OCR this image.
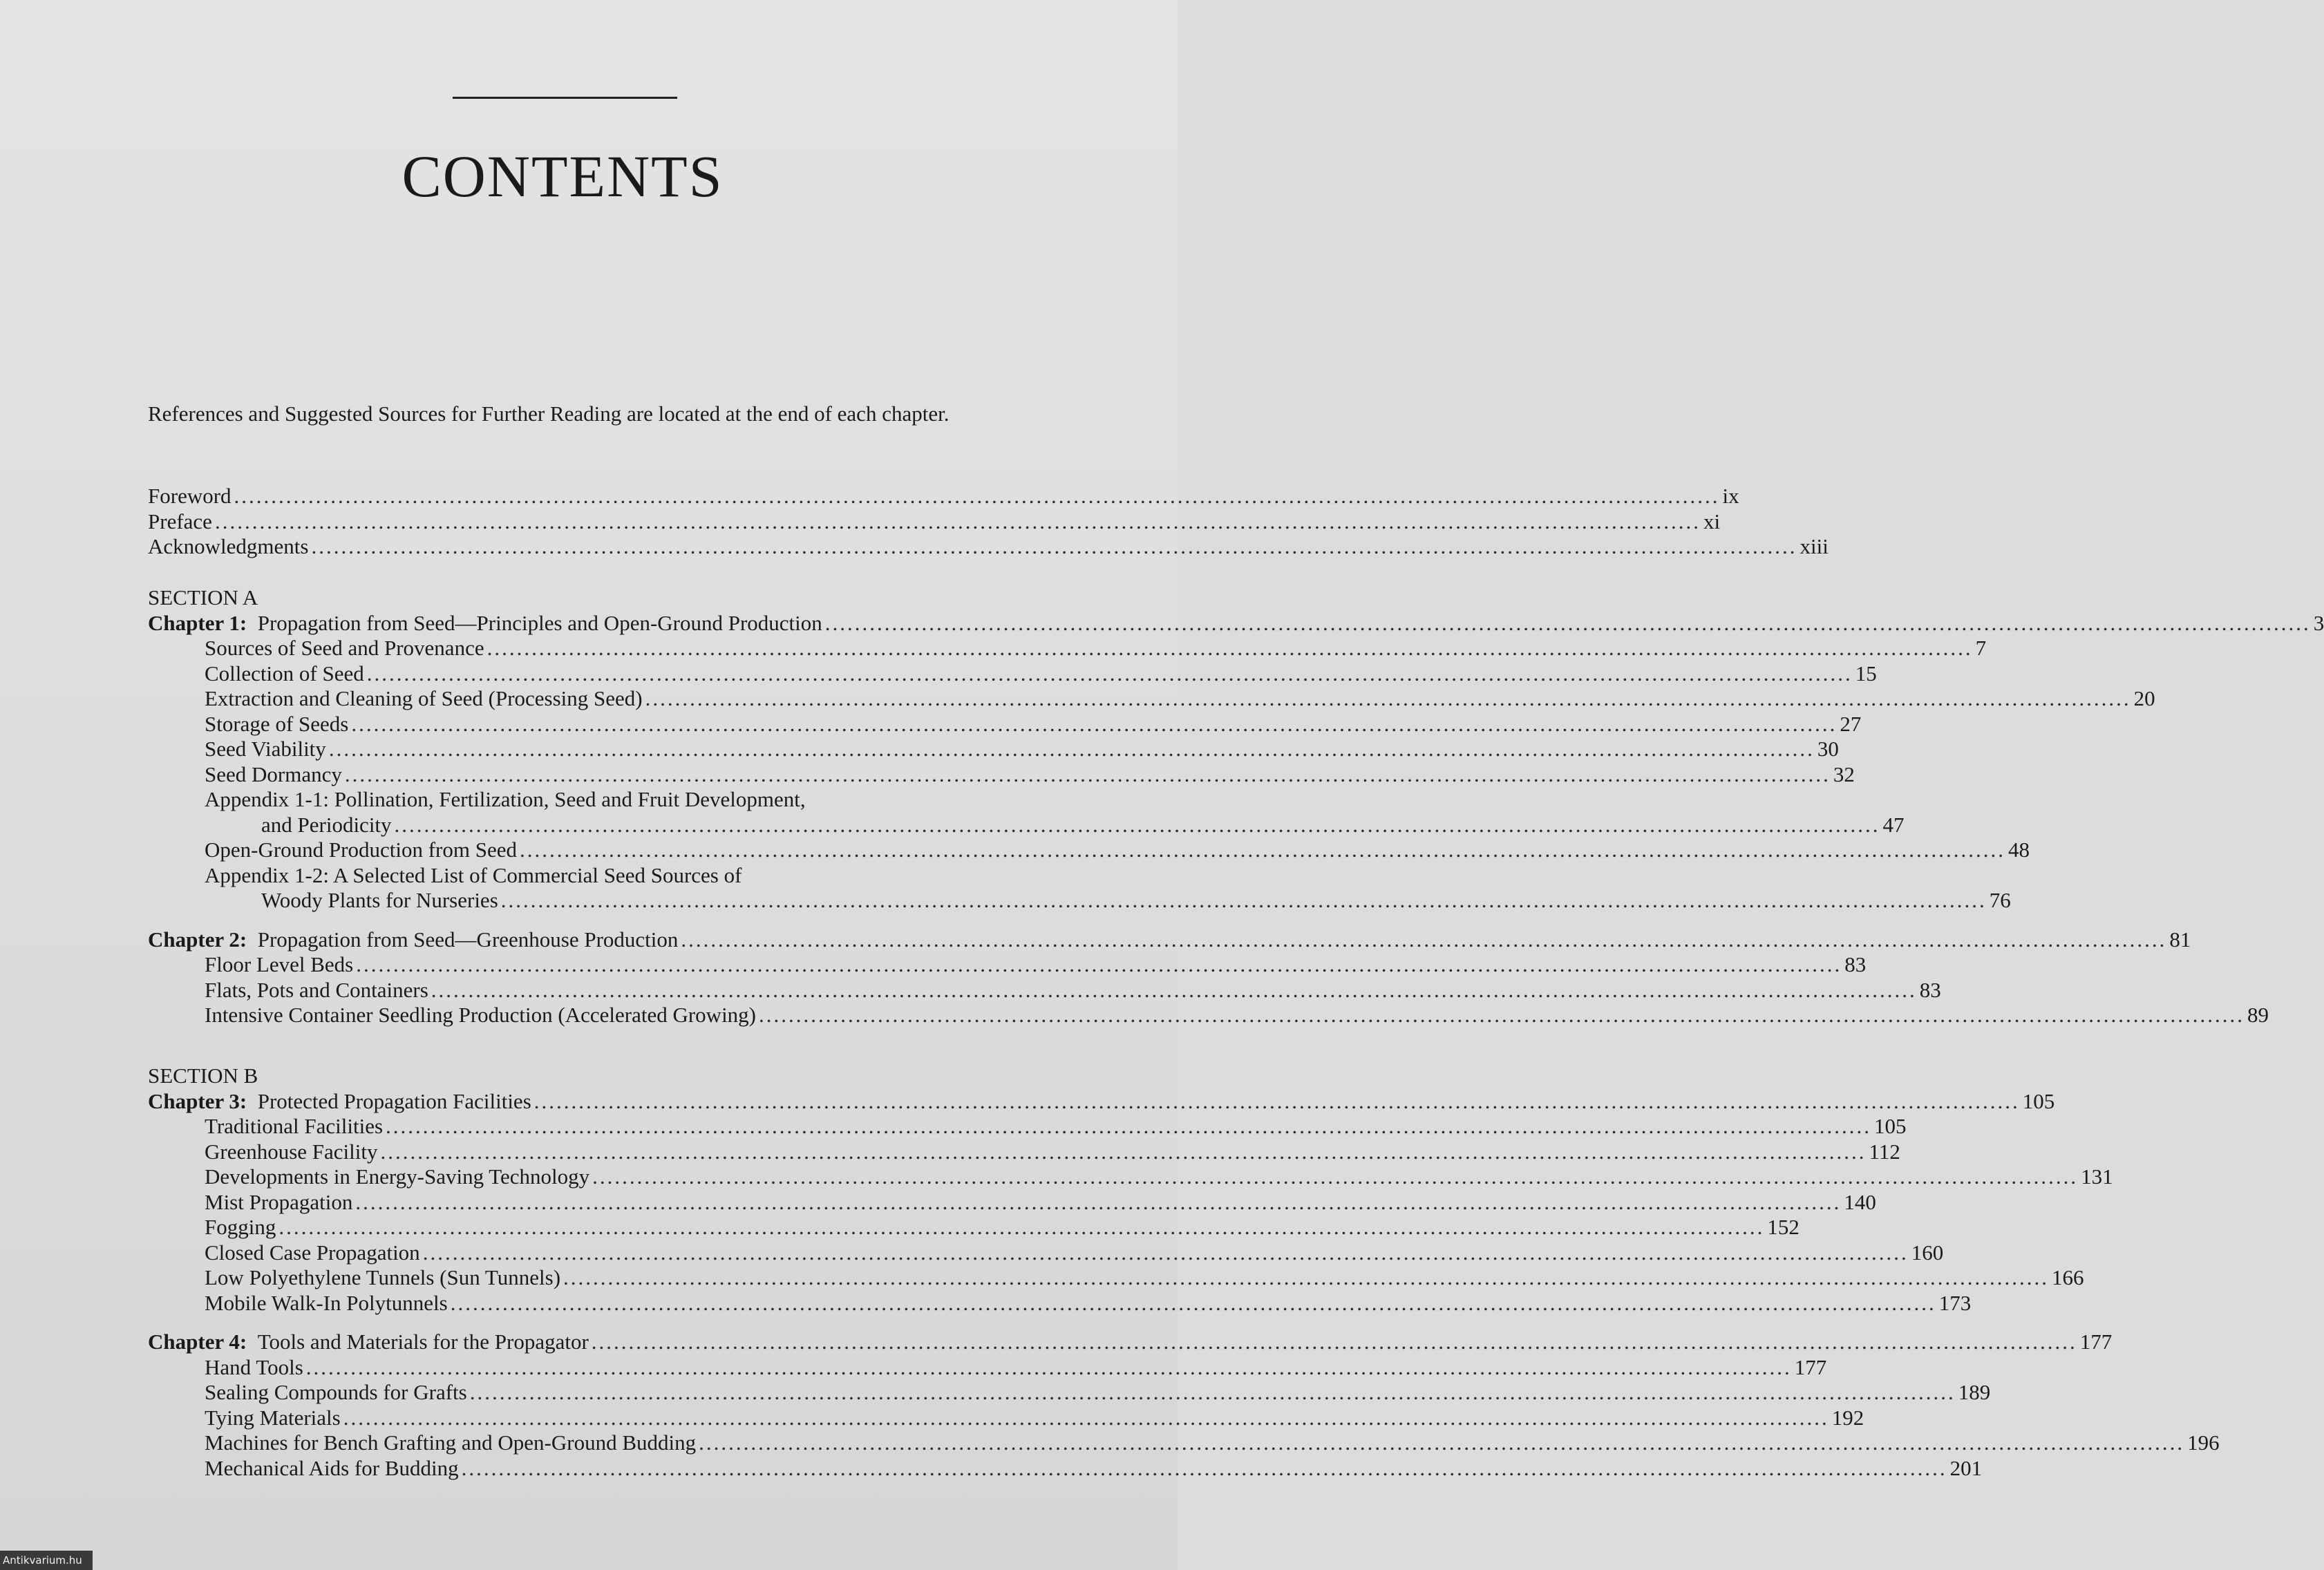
CONTENTS
References and Suggested Sources for Further Reading are located at the end of each chapter.
Foreword ........................................................................................................................................................................................................ ix
Preface ........................................................................................................................................................................................................ xi
Acknowledgments ........................................................................................................................................................................................................ xiii
SECTION A
Chapter 1: Propagation from Seed—Principles and Open-Ground Production ........................................................................................................................................................................................................ 3
Sources of Seed and Provenance ........................................................................................................................................................................................................ 7
Collection of Seed ........................................................................................................................................................................................................ 15
Extraction and Cleaning of Seed (Processing Seed) ........................................................................................................................................................................................................ 20
Storage of Seeds ........................................................................................................................................................................................................ 27
Seed Viability ........................................................................................................................................................................................................ 30
Seed Dormancy ........................................................................................................................................................................................................ 32
Appendix 1-1: Pollination, Fertilization, Seed and Fruit Development,
and Periodicity ........................................................................................................................................................................................................ 47
Open-Ground Production from Seed ........................................................................................................................................................................................................ 48
Appendix 1-2: A Selected List of Commercial Seed Sources of
Woody Plants for Nurseries ........................................................................................................................................................................................................ 76
Chapter 2: Propagation from Seed—Greenhouse Production ........................................................................................................................................................................................................ 81
Floor Level Beds ........................................................................................................................................................................................................ 83
Flats, Pots and Containers ........................................................................................................................................................................................................ 83
Intensive Container Seedling Production (Accelerated Growing) ........................................................................................................................................................................................................ 89
SECTION B
Chapter 3: Protected Propagation Facilities ........................................................................................................................................................................................................ 105
Traditional Facilities ........................................................................................................................................................................................................ 105
Greenhouse Facility ........................................................................................................................................................................................................ 112
Developments in Energy-Saving Technology ........................................................................................................................................................................................................ 131
Mist Propagation ........................................................................................................................................................................................................ 140
Fogging ........................................................................................................................................................................................................ 152
Closed Case Propagation ........................................................................................................................................................................................................ 160
Low Polyethylene Tunnels (Sun Tunnels) ........................................................................................................................................................................................................ 166
Mobile Walk-In Polytunnels ........................................................................................................................................................................................................ 173
Chapter 4: Tools and Materials for the Propagator ........................................................................................................................................................................................................ 177
Hand Tools ........................................................................................................................................................................................................ 177
Sealing Compounds for Grafts ........................................................................................................................................................................................................ 189
Tying Materials ........................................................................................................................................................................................................ 192
Machines for Bench Grafting and Open-Ground Budding ........................................................................................................................................................................................................ 196
Mechanical Aids for Budding ........................................................................................................................................................................................................ 201
Antikvarium.hu
